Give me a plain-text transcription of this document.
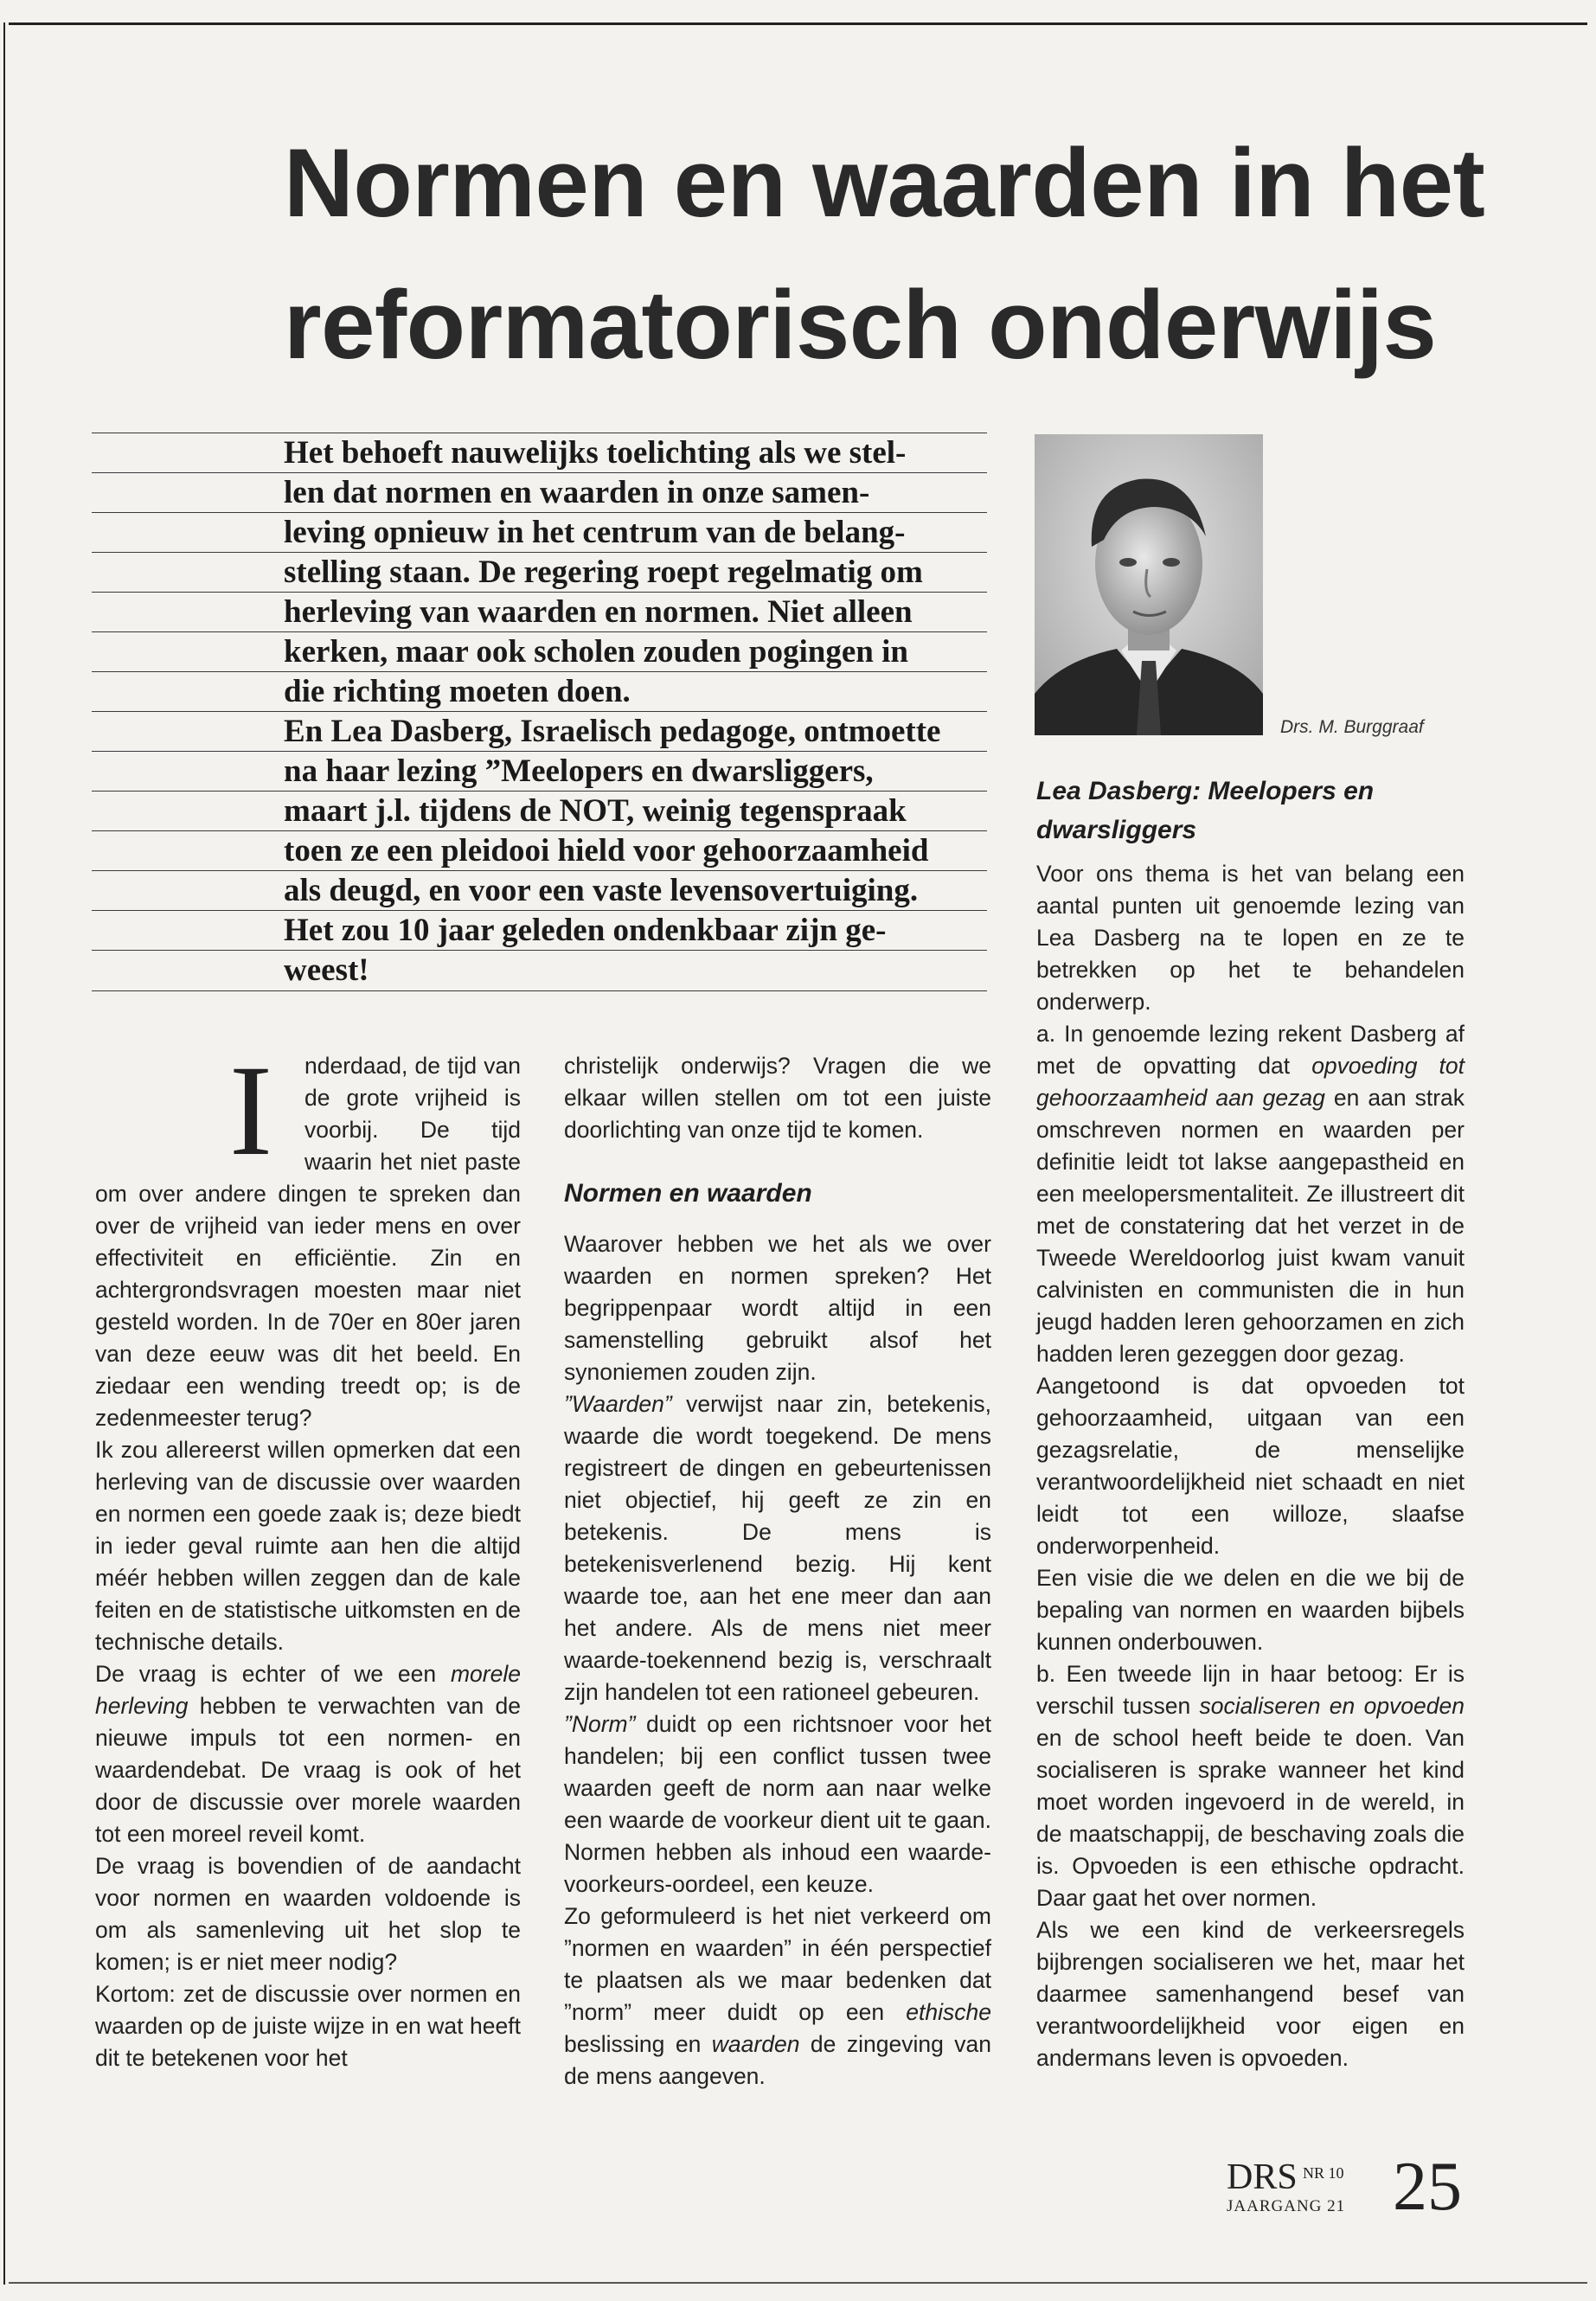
Normen en waarden in het
reformatorisch onderwijs
Het behoeft nauwelijks toelichting als we stel-
len dat normen en waarden in onze samen-
leving opnieuw in het centrum van de belang-
stelling staan. De regering roept regelmatig om
herleving van waarden en normen. Niet alleen
kerken, maar ook scholen zouden pogingen in
die richting moeten doen.
En Lea Dasberg, Israelisch pedagoge, ontmoette
na haar lezing ”Meelopers en dwarsliggers,
maart j.l. tijdens de NOT, weinig tegenspraak
toen ze een pleidooi hield voor gehoorzaamheid
als deugd, en voor een vaste levensovertuiging.
Het zou 10 jaar geleden ondenkbaar zijn ge-
weest!
Drs. M. Burggraaf
I	nderdaad, de tijd van de grote vrijheid is voorbij. De tijd waarin het niet paste om over andere dingen te spreken dan over de vrijheid van ieder mens en over effectiviteit en efficiëntie. Zin en achtergrondsvragen moesten maar niet gesteld worden. In de 70er en 80er jaren van deze eeuw was dit het beeld. En ziedaar een wending treedt op; is de zedenmeester terug?

Ik zou allereerst willen opmerken dat een herleving van de discussie over waarden en normen een goede zaak is; deze biedt in ieder geval ruimte aan hen die altijd méér hebben willen zeggen dan de kale feiten en de statistische uitkomsten en de technische details.

De vraag is echter of we een morele herleving hebben te verwachten van de nieuwe impuls tot een normen- en waardendebat. De vraag is ook of het door de discussie over morele waarden tot een moreel reveil komt.

De vraag is bovendien of de aandacht voor normen en waarden voldoende is om als samenleving uit het slop te komen; is er niet meer nodig?

Kortom: zet de discussie over normen en waarden op de juiste wijze in en wat heeft dit te betekenen voor het

christelijk onderwijs? Vragen die we elkaar willen stellen om tot een juiste doorlichting van onze tijd te komen.

Normen en waarden

Waarover hebben we het als we over waarden en normen spreken? Het begrippenpaar wordt altijd in een samenstelling gebruikt alsof het synoniemen zouden zijn.

”Waarden” verwijst naar zin, betekenis, waarde die wordt toegekend. De mens registreert de dingen en gebeurtenissen niet objectief, hij geeft ze zin en betekenis. De mens is betekenisverlenend bezig. Hij kent waarde toe, aan het ene meer dan aan het andere. Als de mens niet meer waarde-toekennend bezig is, verschraalt zijn handelen tot een rationeel gebeuren.

”Norm” duidt op een richtsnoer voor het handelen; bij een conflict tussen twee waarden geeft de norm aan naar welke een waarde de voorkeur dient uit te gaan. Normen hebben als inhoud een waarde-voorkeurs-oordeel, een keuze.

Zo geformuleerd is het niet verkeerd om ”normen en waarden” in één perspectief te plaatsen als we maar bedenken dat ”norm” meer duidt op een ethische beslissing en waarden de zingeving van de mens aangeven.

Lea Dasberg: Meelopers en dwarsliggers

Voor ons thema is het van belang een aantal punten uit genoemde lezing van Lea Dasberg na te lopen en ze te betrekken op het te behandelen onderwerp.

a. In genoemde lezing rekent Dasberg af met de opvatting dat opvoeding tot gehoorzaamheid aan gezag en aan strak omschreven normen en waarden per definitie leidt tot lakse aangepastheid en een meelopersmentaliteit. Ze illustreert dit met de constatering dat het verzet in de Tweede Wereldoorlog juist kwam vanuit calvinisten en communisten die in hun jeugd hadden leren gehoorzamen en zich hadden leren gezeggen door gezag.

Aangetoond is dat opvoeden tot gehoorzaamheid, uitgaan van een gezagsrelatie, de menselijke verantwoordelijkheid niet schaadt en niet leidt tot een willoze, slaafse onderworpenheid.

Een visie die we delen en die we bij de bepaling van normen en waarden bijbels kunnen onderbouwen.

b. Een tweede lijn in haar betoog: Er is verschil tussen socialiseren en opvoeden en de school heeft beide te doen. Van socialiseren is sprake wanneer het kind moet worden ingevoerd in de wereld, in de maatschappij, de beschaving zoals die is. Opvoeden is een ethische opdracht. Daar gaat het over normen.

Als we een kind de verkeersregels bijbrengen socialiseren we het, maar het daarmee samenhangend besef van verantwoordelijkheid voor eigen en andermans leven is opvoeden.

DRS NR 10
JAARGANG 21 25
